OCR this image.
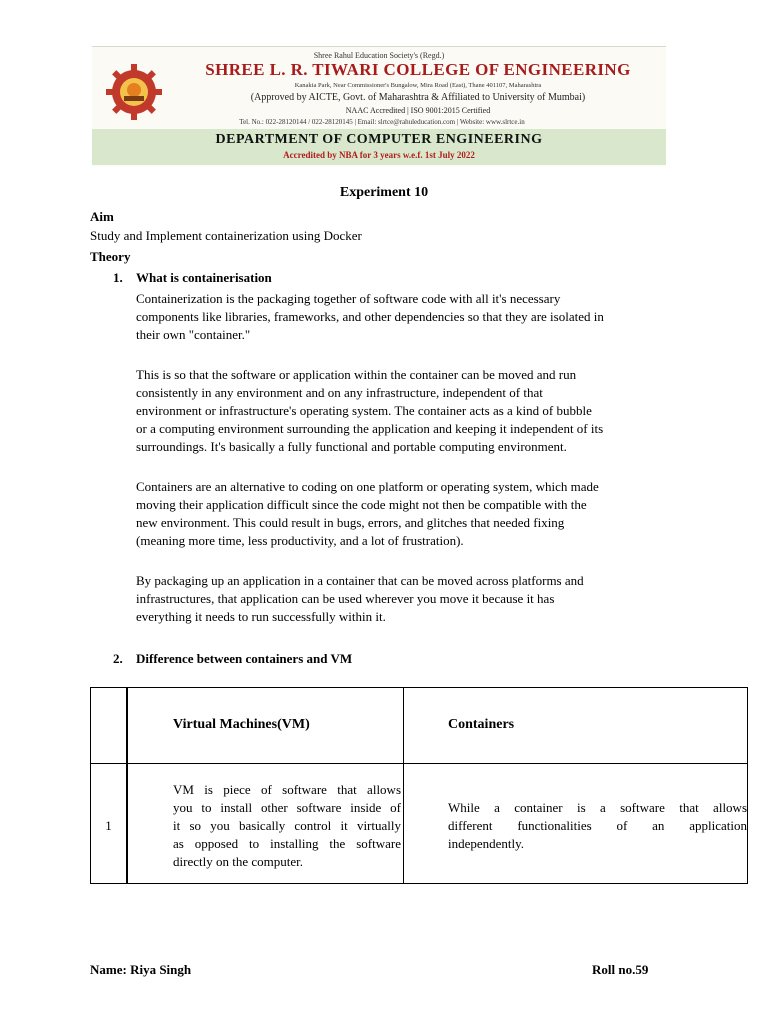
Shree Rahul Education Society's (Regd.)
SHREE L. R. TIWARI COLLEGE OF ENGINEERING
Kanakia Park, Near Commissioner's Bungalow, Mira Road (East), Thane 401107, Maharashtra
(Approved by AICTE, Govt. of Maharashtra & Affiliated to University of Mumbai)
NAAC Accredited | ISO 9001:2015 Certified
Tel. No.: 022-28120144 / 022-28120145 | Email: slrtce@rahuleducation.com | Website: www.slrtce.in
DEPARTMENT OF COMPUTER ENGINEERING
Accredited by NBA for 3 years w.e.f. 1st July 2022
Experiment 10
Aim
Study and Implement containerization using Docker
Theory
1. What is containerisation
Containerization is the packaging together of software code with all it's necessary
components like libraries, frameworks, and other dependencies so that they are isolated in
their own "container."
This is so that the software or application within the container can be moved and run
consistently in any environment and on any infrastructure, independent of that
environment or infrastructure's operating system. The container acts as a kind of bubble
or a computing environment surrounding the application and keeping it independent of its
surroundings. It's basically a fully functional and portable computing environment.
Containers are an alternative to coding on one platform or operating system, which made
moving their application difficult since the code might not then be compatible with the
new environment. This could result in bugs, errors, and glitches that needed fixing
(meaning more time, less productivity, and a lot of frustration).
By packaging up an application in a container that can be moved across platforms and
infrastructures, that application can be used wherever you move it because it has
everything it needs to run successfully within it.
2. Difference between containers and VM
Virtual Machines(VM)	Containers
1
VM is piece of software that allows
you to install other software inside of
it so you basically control it virtually
as opposed to installing the software
directly on the computer.
While a container is a software that allows
different functionalities of an application
independently.
Name: Riya Singh	Roll no.59
